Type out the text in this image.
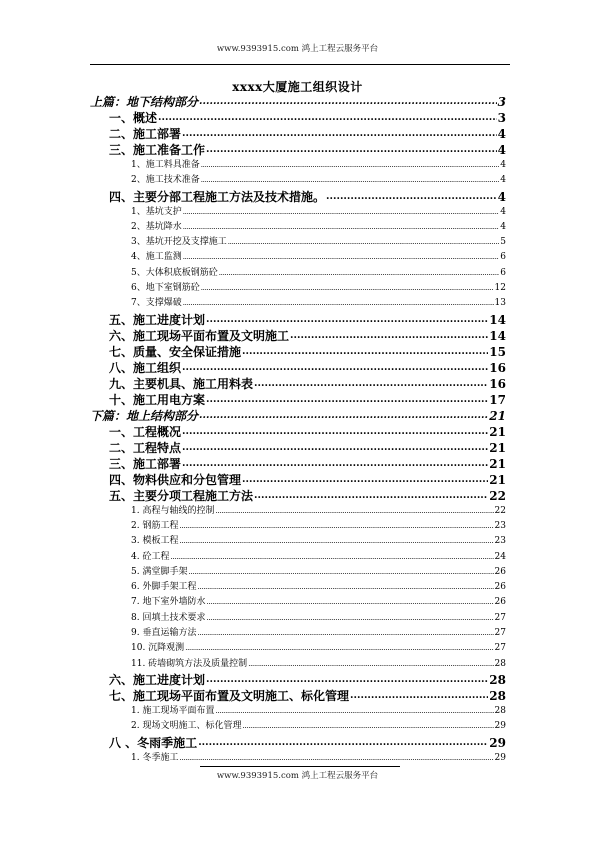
www.9393915.com 鸿上工程云服务平台
xxxx大厦施工组织设计
上篇：地下结构部分 .....	3
一、概述 .....	3
二、施工部署 .....	4
三、施工准备工作 .....	4
1、施工料具准备 .....	4
2、施工技术准备 .....	4
四、主要分部工程施工方法及技术措施。 .....	4
1、基坑支护 .....	4
2、基坑降水 .....	4
3、基坑开挖及支撑施工 .....	5
4、施工监测 .....	6
5、大体积底板钢筋砼 .....	6
6、地下室钢筋砼 .....	12
7、支撑爆破 .....	13
五、施工进度计划 .....	14
六、施工现场平面布置及文明施工 .....	14
七、质量、安全保证措施 .....	15
八、施工组织 .....	16
九、主要机具、施工用料表 .....	16
十、施工用电方案 .....	17
下篇：地上结构部分 .....	21
一、工程概况 .....	21
二、工程特点 .....	21
三、施工部署 .....	21
四、物料供应和分包管理 .....	21
五、主要分项工程施工方法 .....	22
1. 高程与轴线的控制 .....	22
2. 钢筋工程 .....	23
3. 模板工程 .....	23
4. 砼工程 .....	24
5. 满堂脚手架 .....	26
6. 外脚手架工程 .....	26
7. 地下室外墙防水 .....	26
8. 回填土技术要求 .....	27
9. 垂直运输方法 .....	27
10. 沉降观测 .....	27
11. 砖墙砌筑方法及质量控制 .....	28
六、施工进度计划 .....	28
七、施工现场平面布置及文明施工、标化管理 .....	28
1. 施工现场平面布置 .....	28
2. 现场文明施工、标化管理 .....	29
八 、冬雨季施工 .....	29
1. 冬季施工 .....	29
www.9393915.com 鸿上工程云服务平台
